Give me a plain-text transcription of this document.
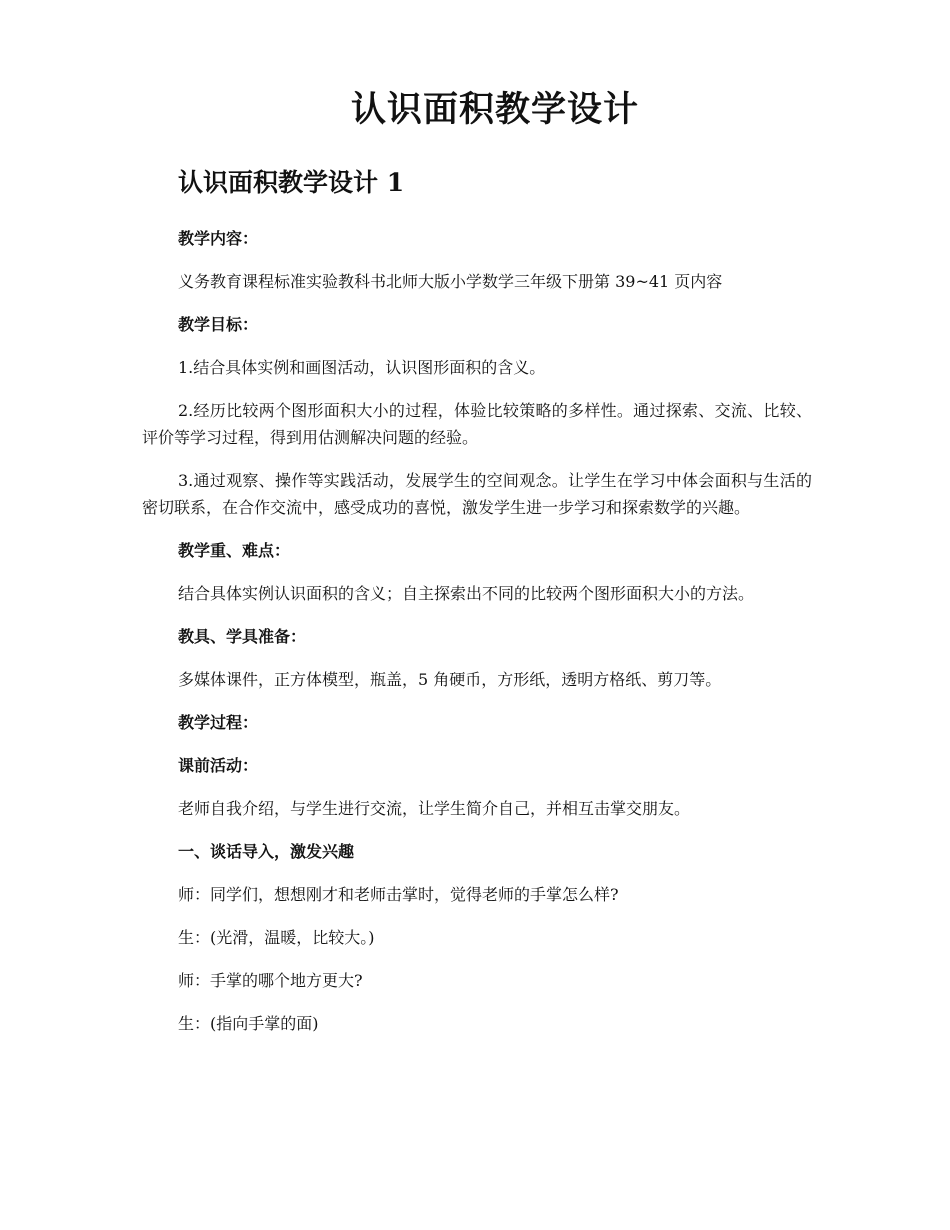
认识面积教学设计
认识面积教学设计 1

教学内容：

义务教育课程标准实验教科书北师大版小学数学三年级下册第 39~41 页内容

教学目标：

1.结合具体实例和画图活动，认识图形面积的含义。

2.经历比较两个图形面积大小的过程，体验比较策略的多样性。通过探索、交流、比较、评价等学习过程，得到用估测解决问题的经验。

3.通过观察、操作等实践活动，发展学生的空间观念。让学生在学习中体会面积与生活的密切联系，在合作交流中，感受成功的喜悦，激发学生进一步学习和探索数学的兴趣。

教学重、难点：

结合具体实例认识面积的含义；自主探索出不同的比较两个图形面积大小的方法。

教具、学具准备：

多媒体课件，正方体模型，瓶盖，5 角硬币，方形纸，透明方格纸、剪刀等。

教学过程：

课前活动：

老师自我介绍，与学生进行交流，让学生简介自己，并相互击掌交朋友。

一、谈话导入，激发兴趣

师：同学们，想想刚才和老师击掌时，觉得老师的手掌怎么样?

生：(光滑，温暖，比较大。)

师：手掌的哪个地方更大?

生：(指向手掌的面)
